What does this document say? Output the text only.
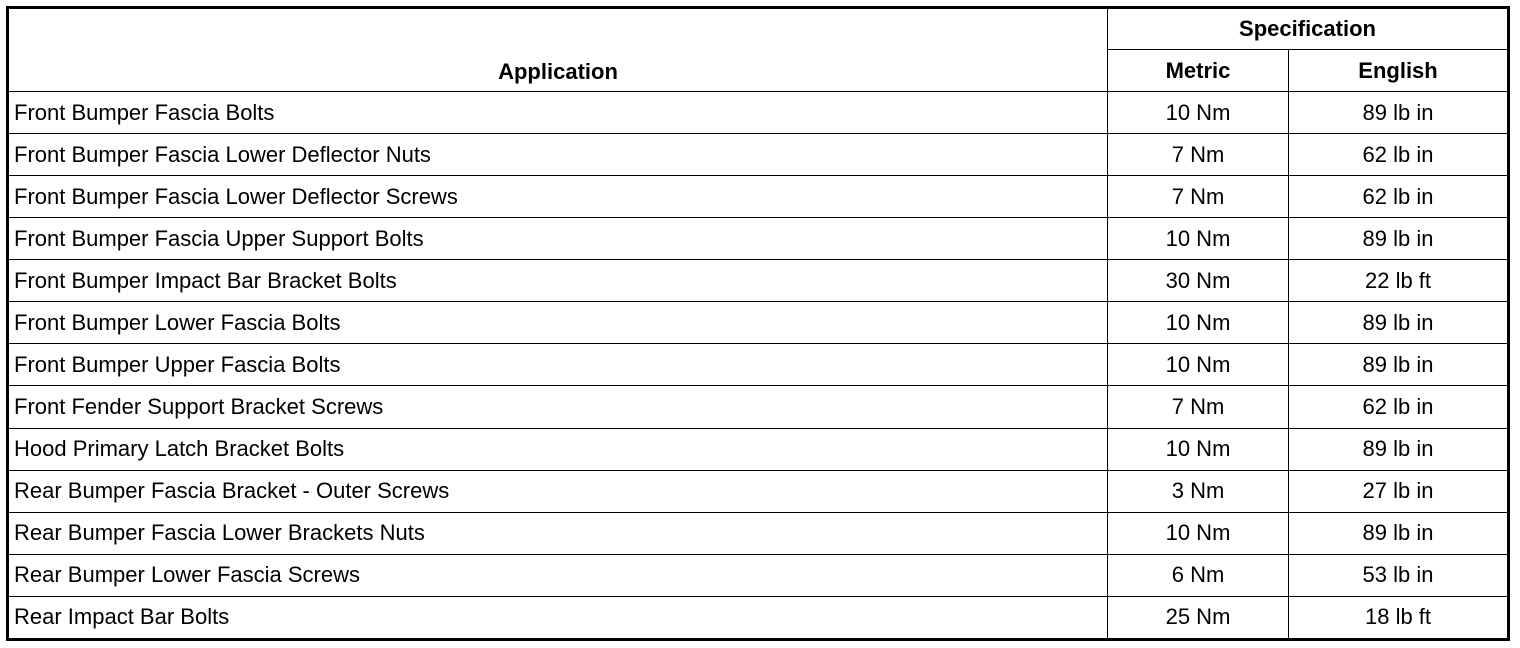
Application	Specification	
	Metric	English
Front Bumper Fascia Bolts	10 Nm	89 lb in
Front Bumper Fascia Lower Deflector Nuts	7 Nm	62 lb in
Front Bumper Fascia Lower Deflector Screws	7 Nm	62 lb in
Front Bumper Fascia Upper Support Bolts	10 Nm	89 lb in
Front Bumper Impact Bar Bracket Bolts	30 Nm	22 lb ft
Front Bumper Lower Fascia Bolts	10 Nm	89 lb in
Front Bumper Upper Fascia Bolts	10 Nm	89 lb in
Front Fender Support Bracket Screws	7 Nm	62 lb in
Hood Primary Latch Bracket Bolts	10 Nm	89 lb in
Rear Bumper Fascia Bracket - Outer Screws	3 Nm	27 lb in
Rear Bumper Fascia Lower Brackets Nuts	10 Nm	89 lb in
Rear Bumper Lower Fascia Screws	6 Nm	53 lb in
Rear Impact Bar Bolts	25 Nm	18 lb ft
